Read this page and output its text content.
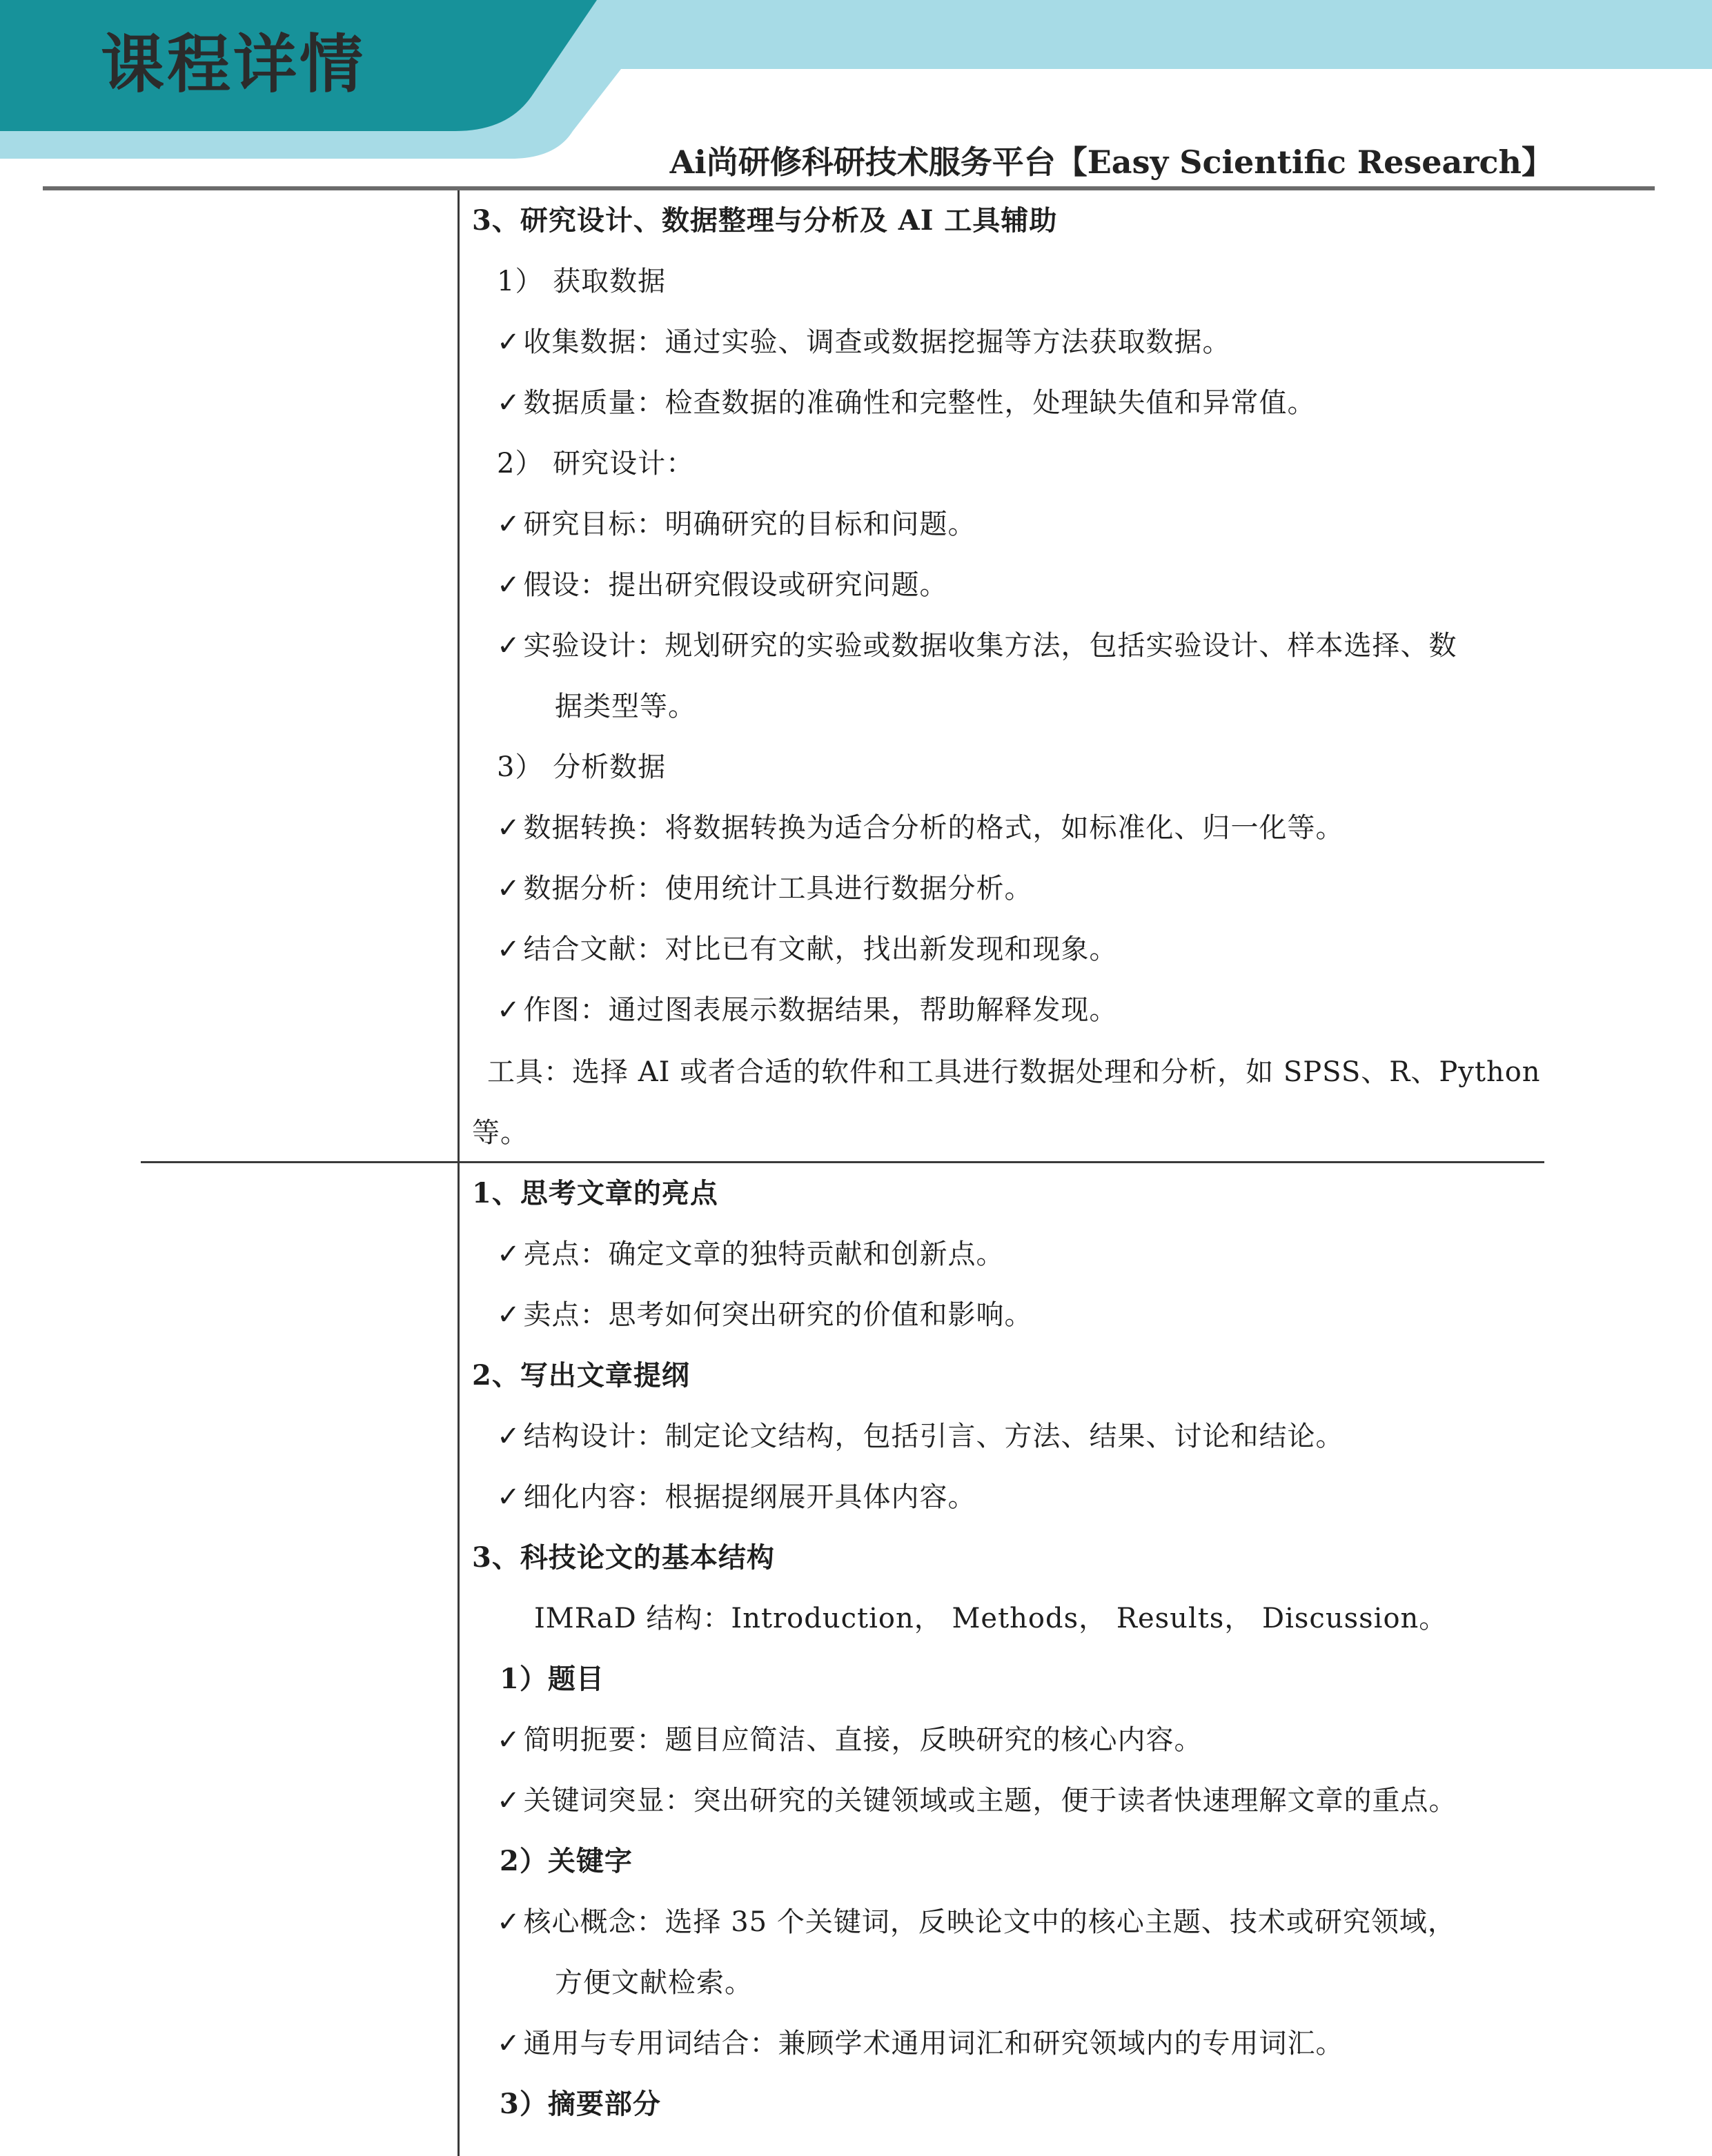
课程详情
Ai尚研修科研技术服务平台【Easy Scientific Research】
3、研究设计、数据整理与分析及 AI 工具辅助
1） 获取数据
✓ 收集数据：通过实验、调查或数据挖掘等方法获取数据。
✓ 数据质量：检查数据的准确性和完整性，处理缺失值和异常值。
2） 研究设计：
✓ 研究目标：明确研究的目标和问题。
✓ 假设：提出研究假设或研究问题。
✓ 实验设计：规划研究的实验或数据收集方法，包括实验设计、样本选择、数
据类型等。
3） 分析数据
✓ 数据转换：将数据转换为适合分析的格式，如标准化、归一化等。
✓ 数据分析：使用统计工具进行数据分析。
✓ 结合文献：对比已有文献，找出新发现和现象。
✓ 作图：通过图表展示数据结果，帮助解释发现。
工具：选择 AI 或者合适的软件和工具进行数据处理和分析，如 SPSS、R、Python
等。
1、思考文章的亮点
✓ 亮点：确定文章的独特贡献和创新点。
✓ 卖点：思考如何突出研究的价值和影响。
2、写出文章提纲
✓ 结构设计：制定论文结构，包括引言、方法、结果、讨论和结论。
✓ 细化内容：根据提纲展开具体内容。
3、科技论文的基本结构
IMRaD 结构：Introduction， Methods， Results， Discussion。
1）题目
✓ 简明扼要：题目应简洁、直接，反映研究的核心内容。
✓ 关键词突显：突出研究的关键领域或主题，便于读者快速理解文章的重点。
2）关键字
✓ 核心概念：选择 35 个关键词，反映论文中的核心主题、技术或研究领域，
方便文献检索。
✓ 通用与专用词结合：兼顾学术通用词汇和研究领域内的专用词汇。
3）摘要部分
